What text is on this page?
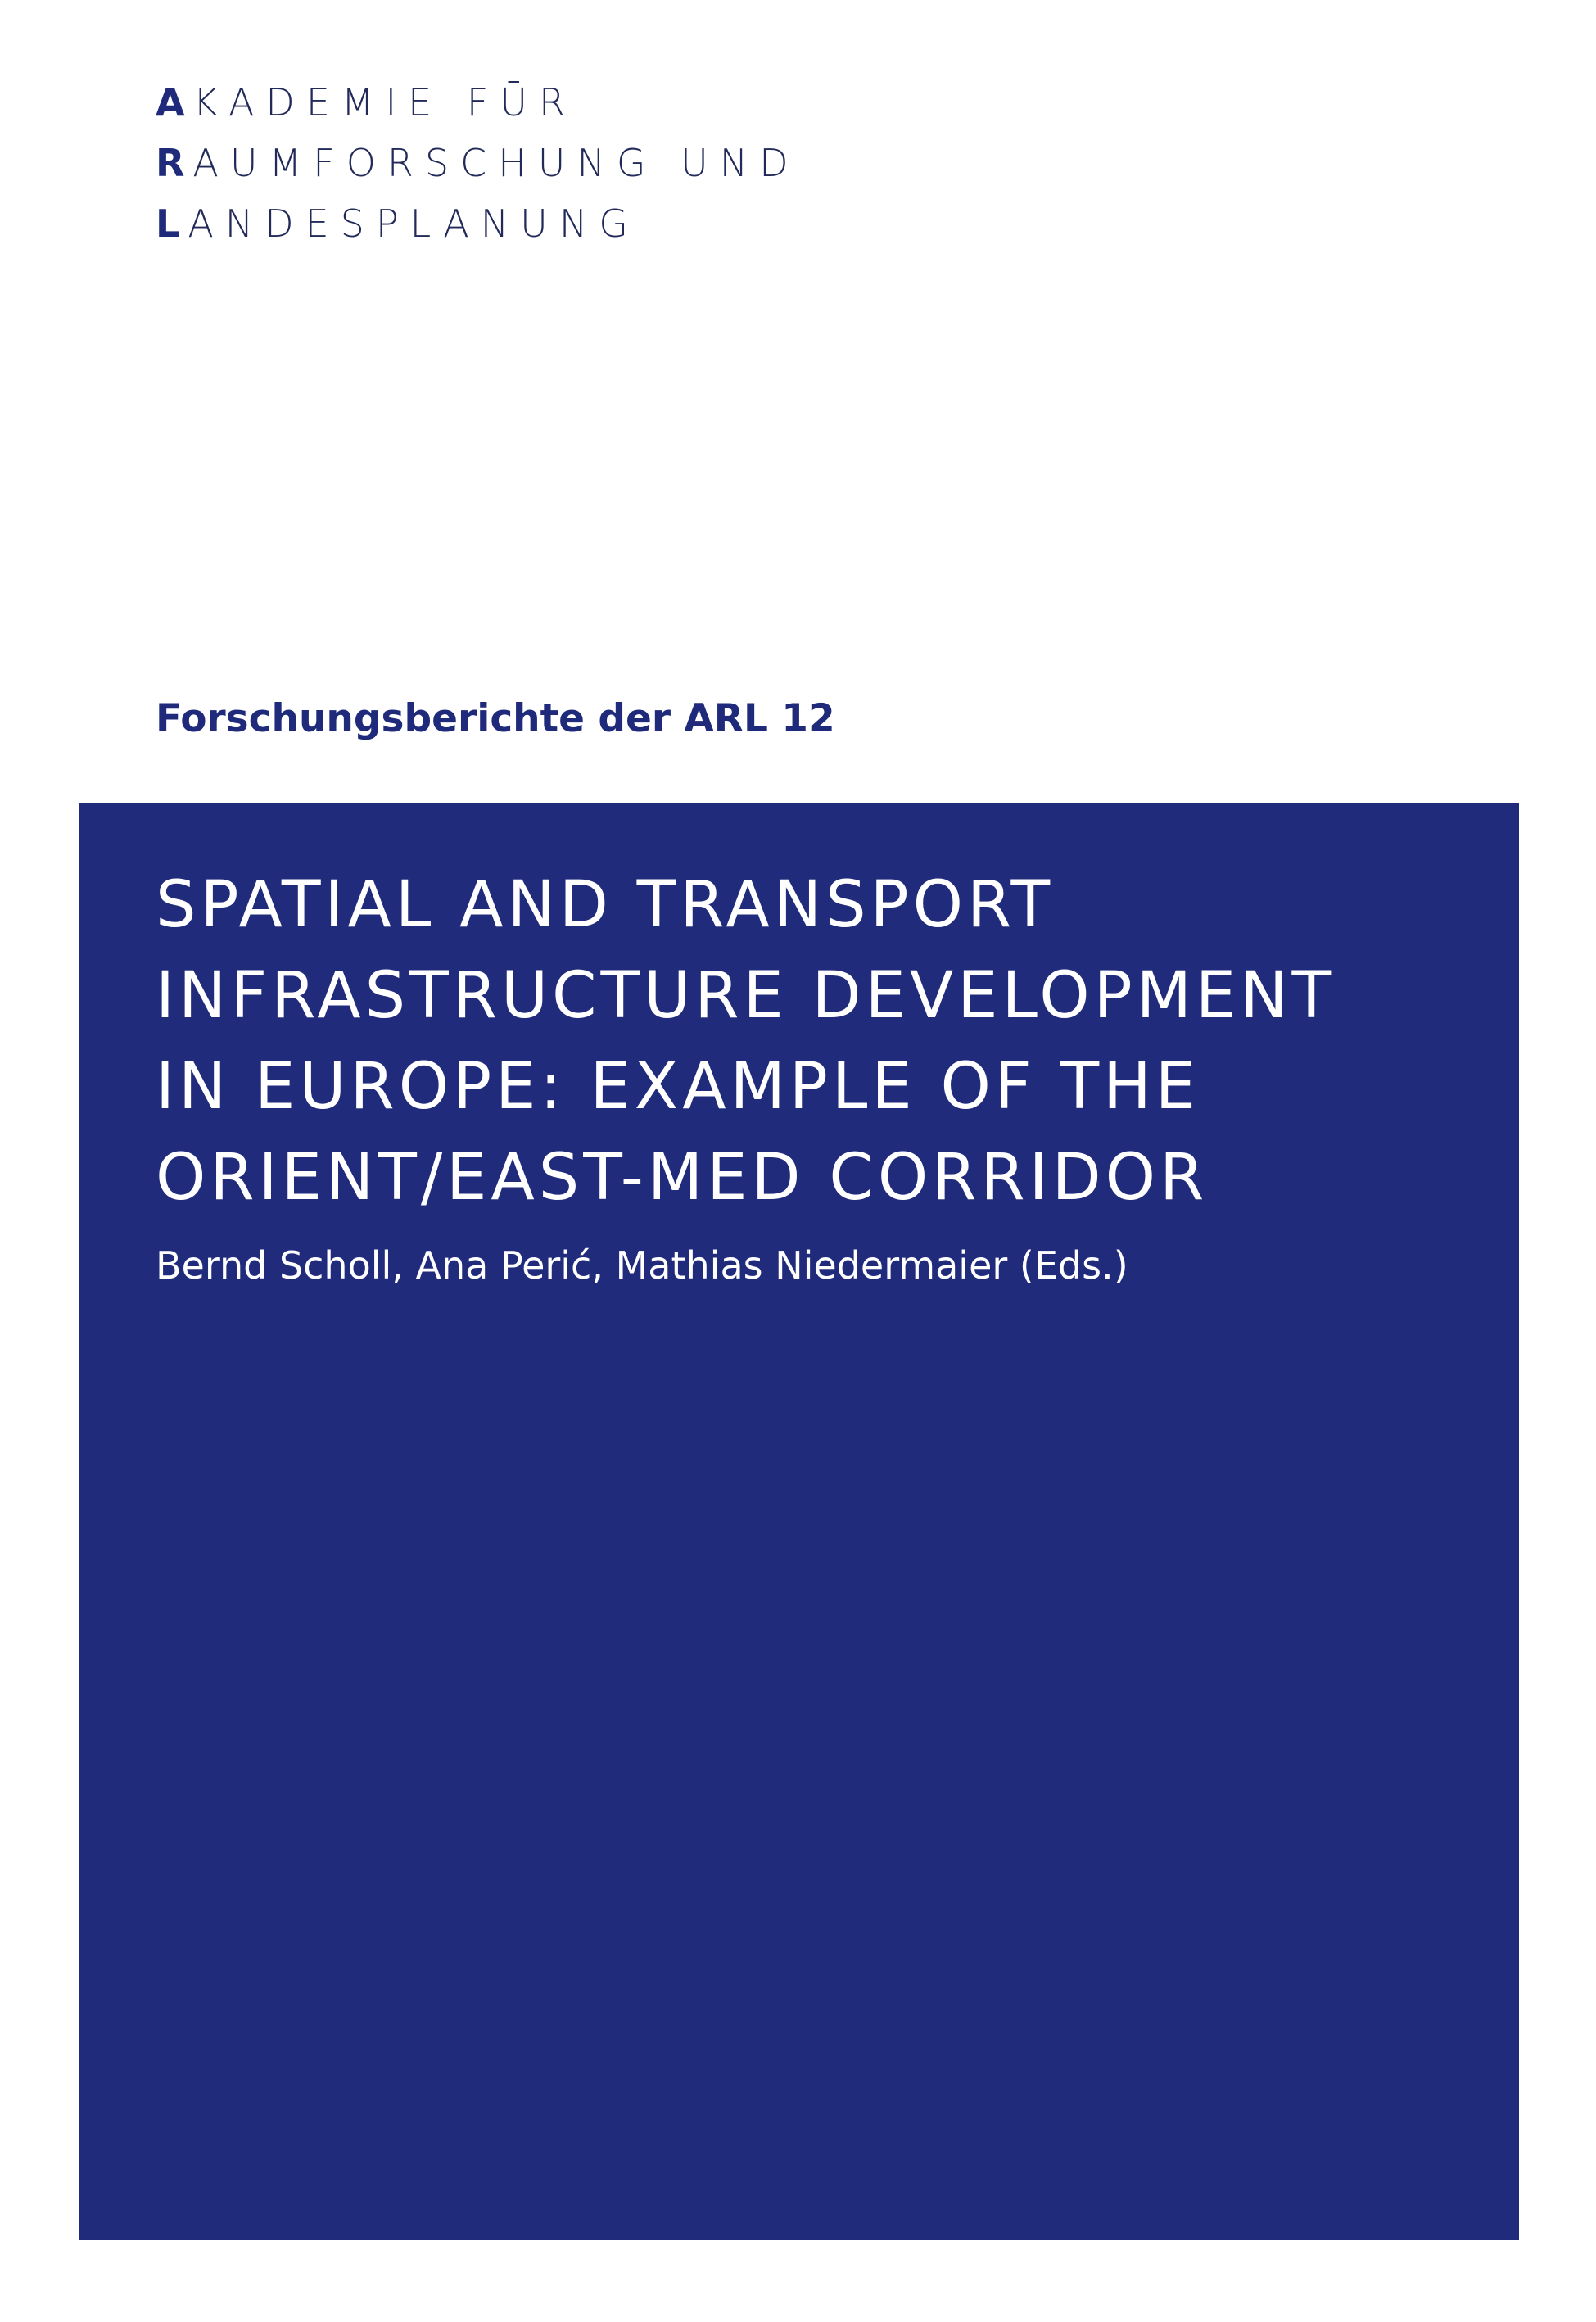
AKADEMIE FŪR
RAUMFORSCHUNG UND
LANDESPLANUNG
Forschungsberichte der ARL 12
SPATIAL AND TRANSPORT
INFRASTRUCTURE DEVELOPMENT
IN EUROPE: EXAMPLE OF THE
ORIENT/EAST-MED CORRIDOR
Bernd Scholl, Ana Perić, Mathias Niedermaier (Eds.)
